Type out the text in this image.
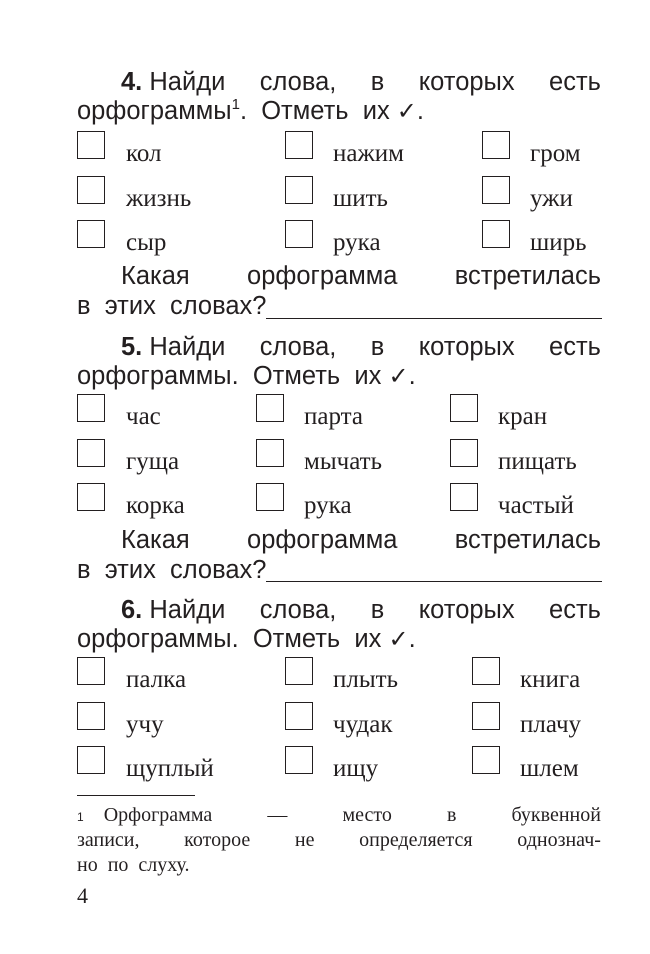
4. Найди слова, в которых есть
орфограммы$^1$.  Отметь  их ✓.
кол	нажим	гром
жизнь	шить	ужи
сыр	рука	ширь
Какая орфограмма встретилась
в  этих  словах?
5. Найди слова, в которых есть
орфограммы.  Отметь  их ✓.
час	парта	кран
гуща	мычать	пищать
корка	рука	частый
Какая орфограмма встретилась
в  этих  словах?
6. Найди слова, в которых есть
орфограммы.  Отметь  их ✓.
палка	плыть	книга
учу	чудак	плачу
щуплый	ищу	шлем
1 Орфограмма	—	место	в	буквенной
записи, которое не определяется однознач-
но  по  слуху.
4
